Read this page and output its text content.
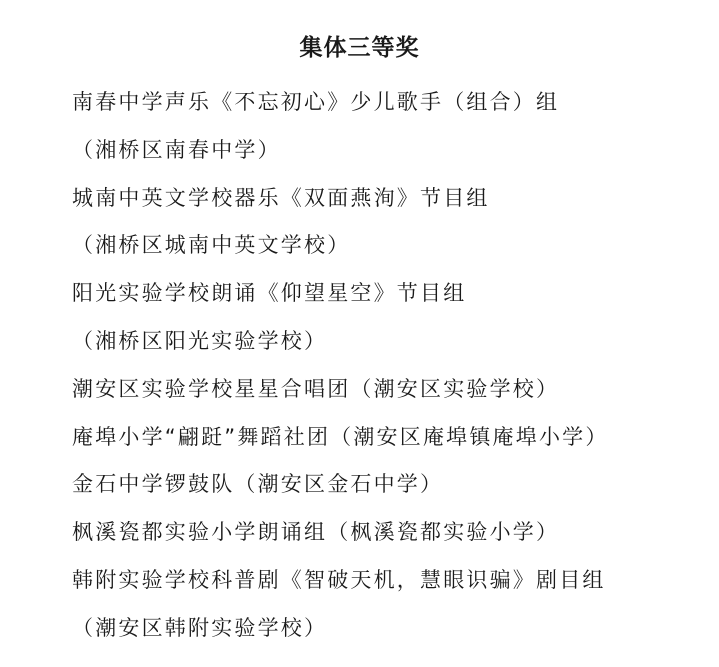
集体三等奖
南春中学声乐《不忘初心》少儿歌手（组合）组
（湘桥区南春中学）
城南中英文学校器乐《双面燕洵》节目组
（湘桥区城南中英文学校）
阳光实验学校朗诵《仰望星空》节目组
（湘桥区阳光实验学校）
潮安区实验学校星星合唱团（潮安区实验学校）
庵埠小学“翩跹”舞蹈社团（潮安区庵埠镇庵埠小学）
金石中学锣鼓队（潮安区金石中学）
枫溪瓷都实验小学朗诵组（枫溪瓷都实验小学）
韩附实验学校科普剧《智破天机，慧眼识骗》剧目组
（潮安区韩附实验学校）
